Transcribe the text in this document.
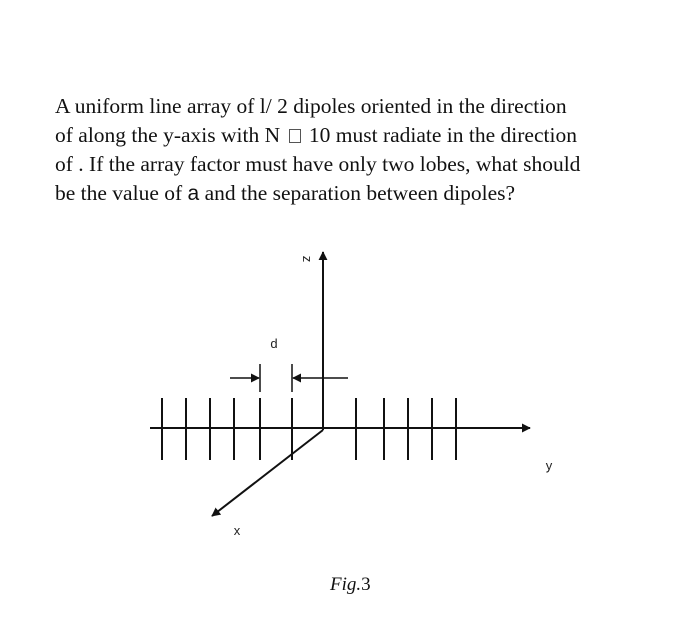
A uniform line array of l/ 2 dipoles oriented in the direction
of along the y-axis with N 10 must radiate in the direction
of . If the array factor must have only two lobes, what should
be the value of a and the separation between dipoles?
d
z
y
x
Fig.3
